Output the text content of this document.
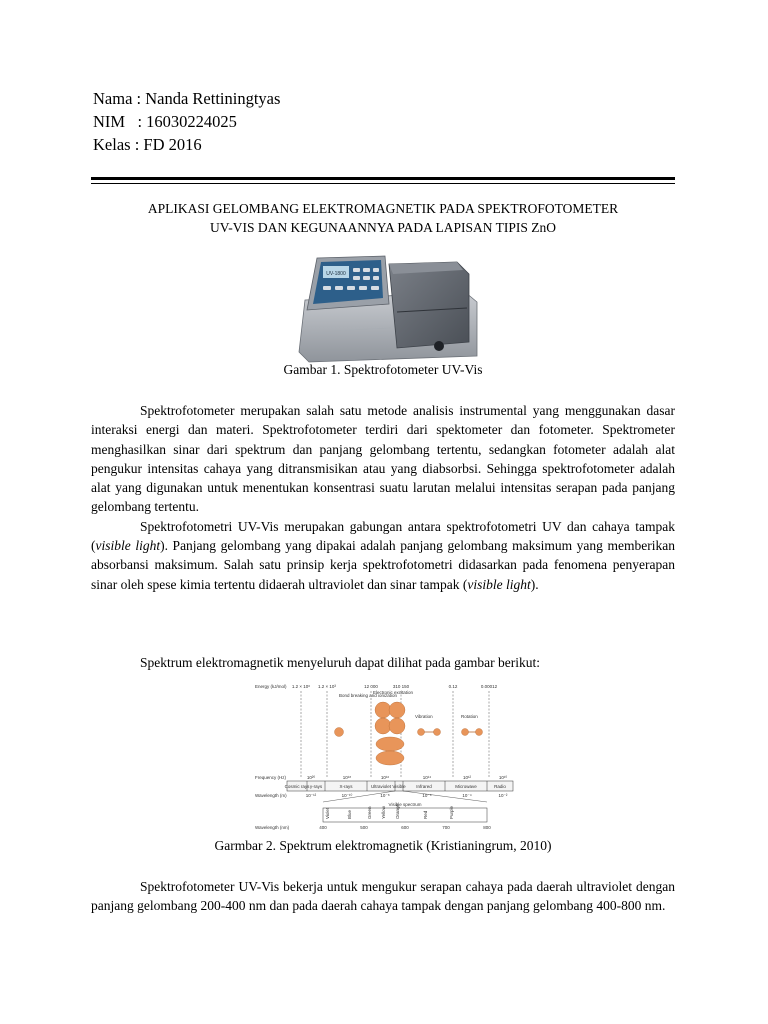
Nama : Nanda Rettiningtyas
NIM   : 16030224025
Kelas : FD 2016
APLIKASI GELOMBANG ELEKTROMAGNETIK PADA SPEKTROFOTOMETER
UV-VIS DAN KEGUNAANNYA PADA LAPISAN TIPIS ZnO
UV-1800
Gambar 1. Spektrofotometer UV-Vis

Spektrofotometer merupakan salah satu metode analisis instrumental yang menggunakan dasar interaksi energi dan materi. Spektrofotometer terdiri dari spektometer dan fotometer. Spektrometer menghasilkan sinar dari spektrum dan panjang gelombang tertentu, sedangkan fotometer adalah alat pengukur intensitas cahaya yang ditransmisikan atau yang diabsorbsi. Sehingga spektrofotometer adalah alat yang digunakan untuk menentukan konsentrasi suatu larutan melalui intensitas serapan pada panjang gelombang tertentu.

Spektrofotometri UV-Vis merupakan gabungan antara spektrofotometri UV dan cahaya tampak (visible light). Panjang gelombang yang dipakai adalah panjang gelombang maksimum yang memberikan absorbansi maksimum. Salah satu prinsip kerja spektrofotometri didasarkan pada fenomena penyerapan sinar oleh spese kimia tertentu didaerah ultraviolet dan sinar tampak (visible light).

Spektrum elektromagnetik menyeluruh dapat dilihat pada gambar berikut:

Energy (kJ/mol) 1.2 × 10⁶ 1.2 × 10³	12 000	310 150	0.12	0.00012
Bond breaking and ionization
Electronic excitation
Vibration	Rotation
Frequency (Hz)	10²⁰	10¹⁸	10¹⁶	10¹⁴	10¹²	10¹⁰
Cosmic rays γ-rays	X-rays	Ultraviolet Visible Infrared	Microwave	Radio
Wavelength (m)	10⁻¹²	10⁻¹⁰	10⁻⁸	10⁻⁶	10⁻⁴	10⁻²
Visible spectrum
Violet	Blue	Green Yellow Orange	Red	Purple
Wavelength (nm)	400	500	600	700	800
Garmbar 2. Spektrum elektromagnetik (Kristianingrum, 2010)

Spektrofotometer UV-Vis bekerja untuk mengukur serapan cahaya pada daerah ultraviolet dengan panjang gelombang 200-400 nm dan pada daerah cahaya tampak dengan panjang gelombang 400-800 nm.
